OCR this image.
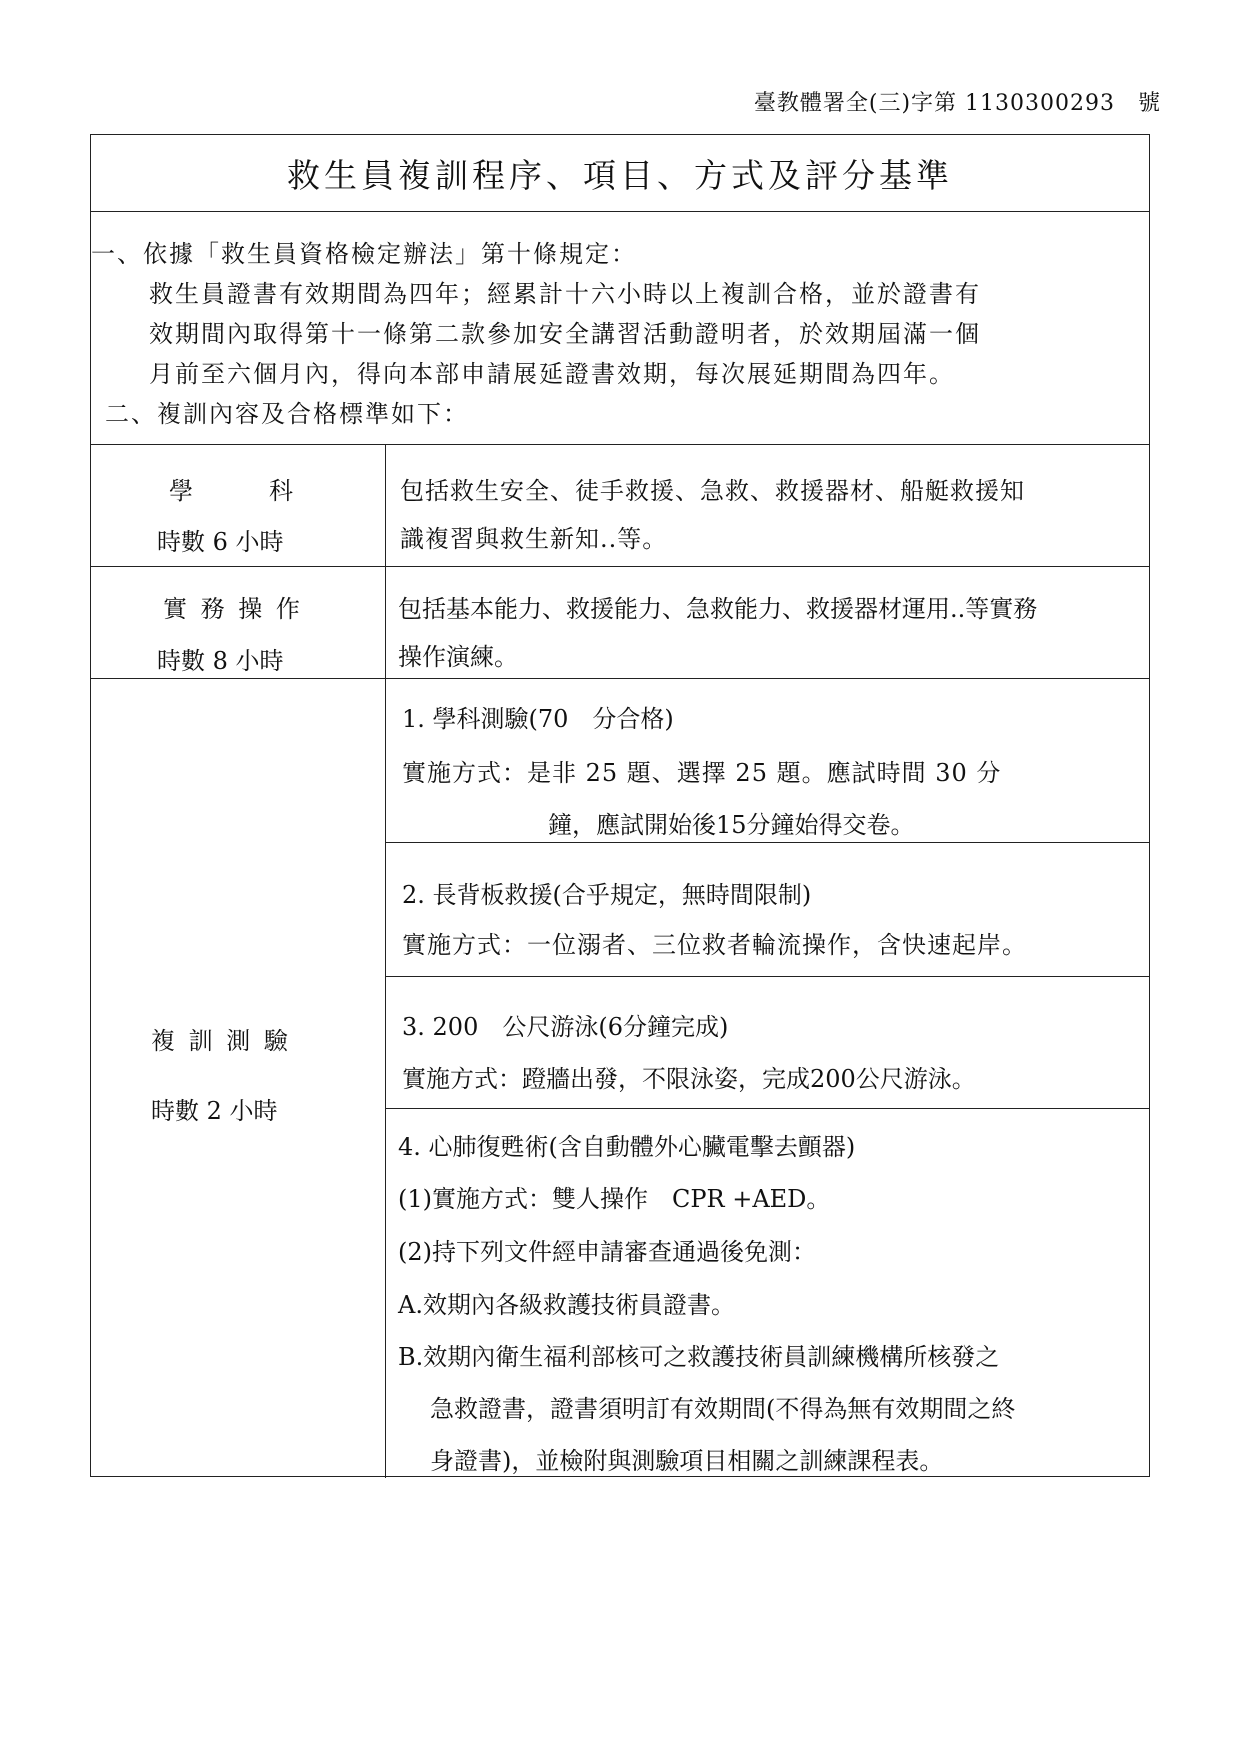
臺教體署全(三)字第 1130300293　號
救生員複訓程序、項目、方式及評分基準
一、依據「救生員資格檢定辦法」第十條規定：
救生員證書有效期間為四年；經累計十六小時以上複訓合格，並於證書有
效期間內取得第十一條第二款參加安全講習活動證明者，於效期屆滿一個
月前至六個月內，得向本部申請展延證書效期，每次展延期間為四年。
二、複訓內容及合格標準如下：
學　　　科
時數 6 小時
包括救生安全、徒手救援、急救、救援器材、船艇救援知
識複習與救生新知..等。
實 務 操 作
時數 8 小時
包括基本能力、救援能力、急救能力、救援器材運用..等實務
操作演練。
複 訓 測 驗
時數 2 小時
1. 學科測驗(70　分合格)
實施方式：是非 25 題、選擇 25 題。應試時間 30 分
鐘，應試開始後15分鐘始得交卷。
2. 長背板救援(合乎規定，無時間限制)
實施方式：一位溺者、三位救者輪流操作，含快速起岸。
3. 200　公尺游泳(6分鐘完成)
實施方式：蹬牆出發，不限泳姿，完成200公尺游泳。
4. 心肺復甦術(含自動體外心臟電擊去顫器)
(1)實施方式：雙人操作　CPR +AED。
(2)持下列文件經申請審查通過後免測：
A.效期內各級救護技術員證書。
B.效期內衛生福利部核可之救護技術員訓練機構所核發之
急救證書，證書須明訂有效期間(不得為無有效期間之終
身證書)，並檢附與測驗項目相關之訓練課程表。
